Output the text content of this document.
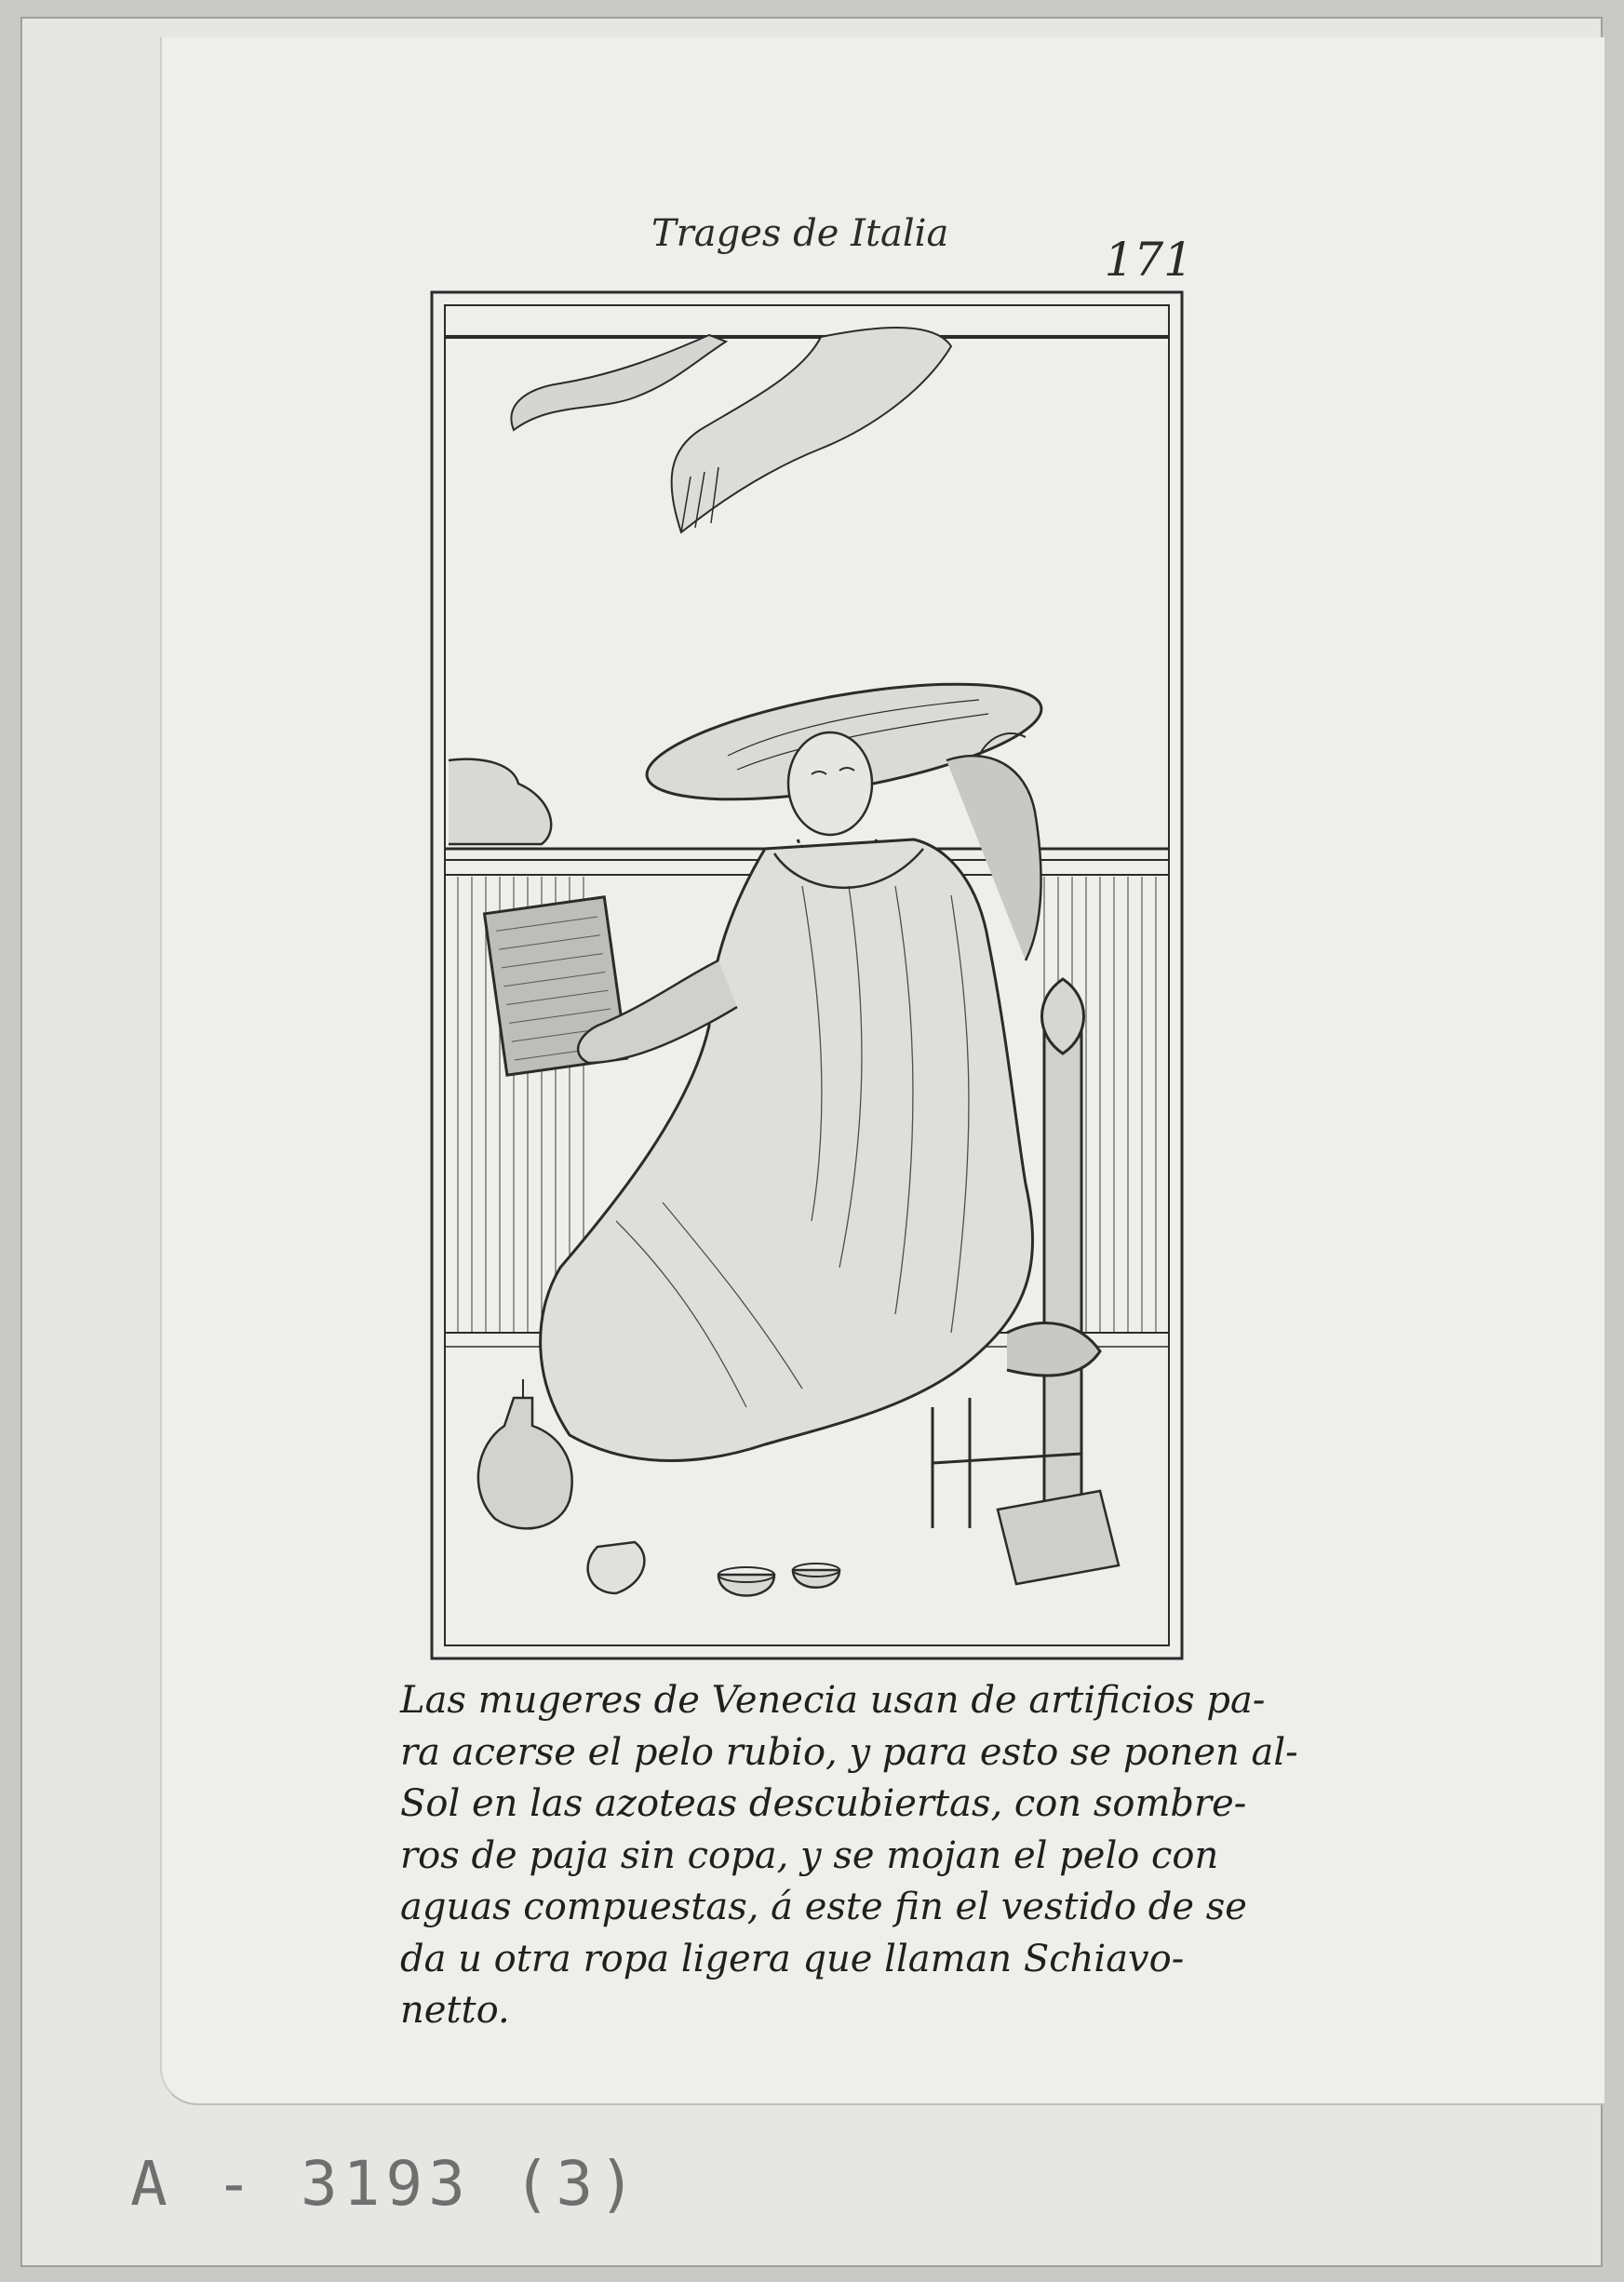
Trages de Italia	171
Las mugeres de Venecia usan de artificios pa-
ra acerse el pelo rubio, y para esto se ponen al-
Sol en las azoteas descubiertas, con sombre-
ros de paja sin copa, y se mojan el pelo con
aguas compuestas, á este fin el vestido de se
da u otra ropa ligera que llaman Schiavo-
netto.
A - 3193 (3)
